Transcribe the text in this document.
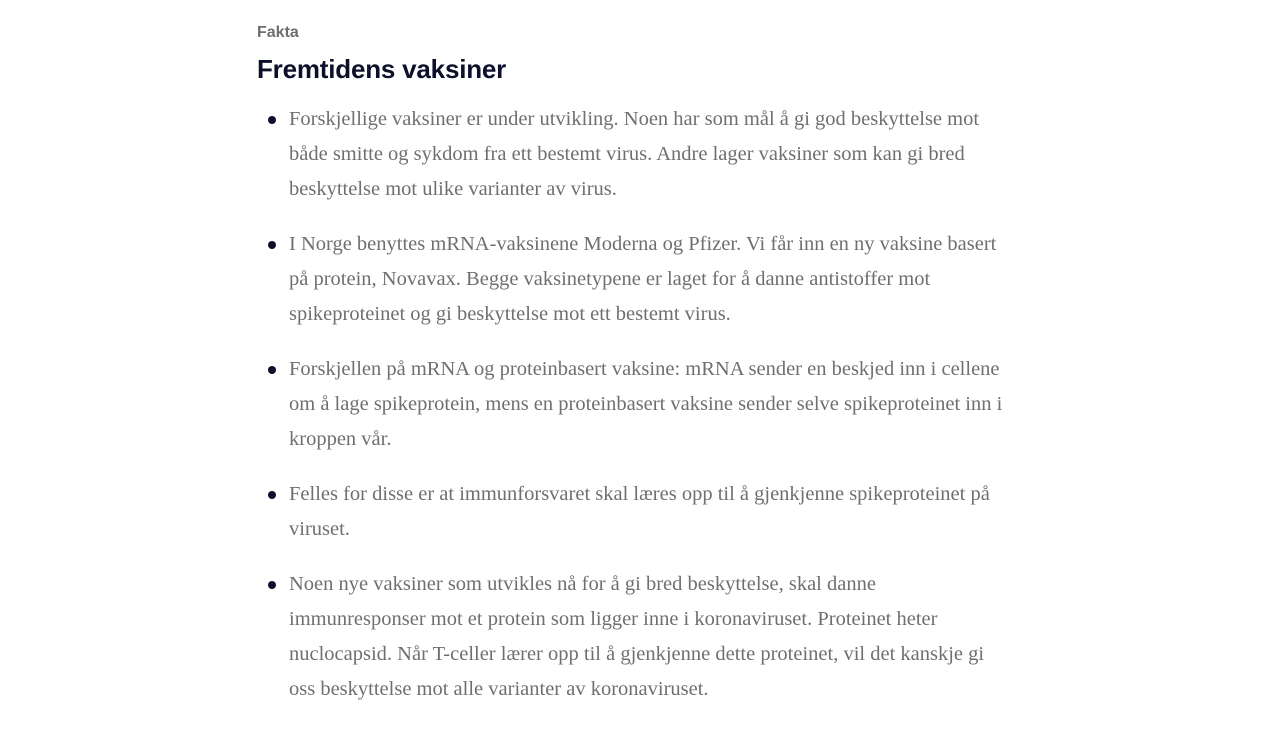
Fakta

Fremtidens vaksiner
Forskjellige vaksiner er under utvikling. Noen har som mål å gi god beskyttelse mot både smitte og sykdom fra ett bestemt virus. Andre lager vaksiner som kan gi bred beskyttelse mot ulike varianter av virus.
I Norge benyttes mRNA-vaksinene Moderna og Pfizer. Vi får inn en ny vaksine basert på protein, Novavax. Begge vaksinetypene er laget for å danne antistoffer mot spikeproteinet og gi beskyttelse mot ett bestemt virus.
Forskjellen på mRNA og proteinbasert vaksine: mRNA sender en beskjed inn i cellene om å lage spikeprotein, mens en proteinbasert vaksine sender selve spikeproteinet inn i kroppen vår.
Felles for disse er at immunforsvaret skal læres opp til å gjenkjenne spikeproteinet på viruset.
Noen nye vaksiner som utvikles nå for å gi bred beskyttelse, skal danne immunresponser mot et protein som ligger inne i koronaviruset. Proteinet heter nuclocapsid. Når T-celler lærer opp til å gjenkjenne dette proteinet, vil det kanskje gi oss beskyttelse mot alle varianter av koronaviruset.
